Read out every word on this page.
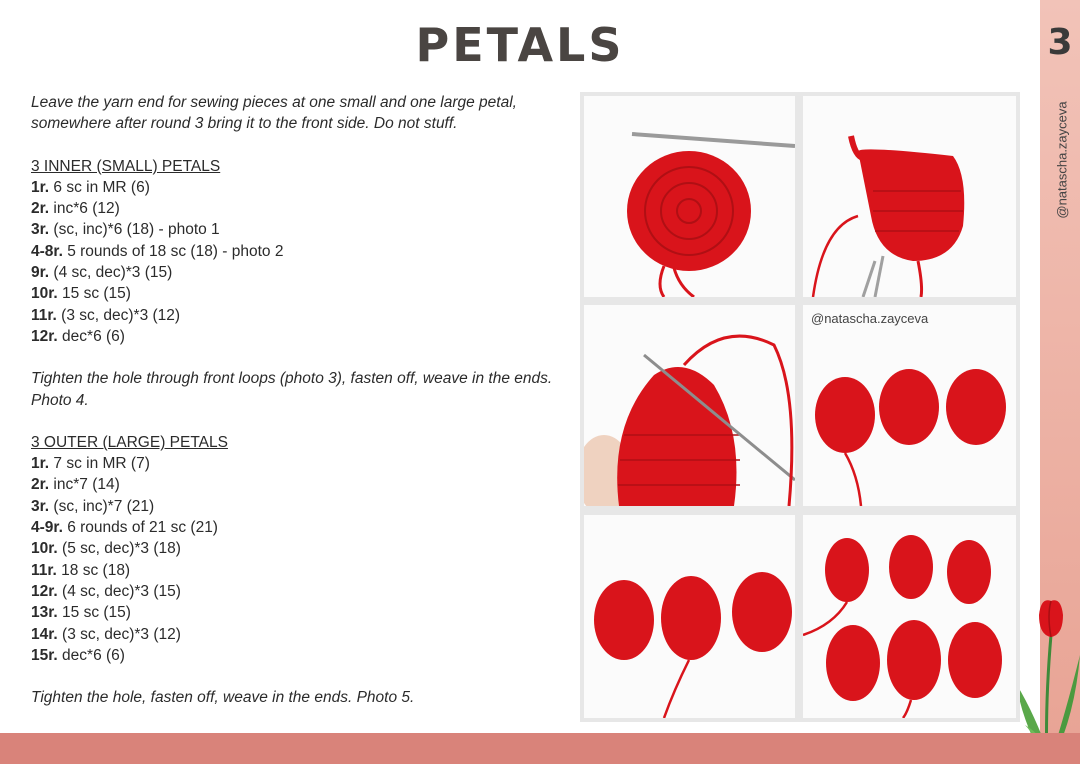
PETALS	3
@natascha.zayceva
Leave the yarn end for sewing pieces at one small and one large petal, somewhere after round 3 bring it to the front side. Do not stuff.
3 INNER (SMALL) PETALS
1r. 6 sc in MR (6)
2r. inc*6 (12)
3r. (sc, inc)*6 (18) - photo 1
4-8r. 5 rounds of 18 sc (18) - photo 2
9r. (4 sc, dec)*3 (15)
10r. 15 sc (15)
11r. (3 sc, dec)*3 (12)
12r. dec*6 (6)
Tighten the hole through front loops (photo 3), fasten off, weave in the ends. Photo 4.
3 OUTER (LARGE) PETALS
1r. 7 sc in MR (7)
2r. inc*7 (14)
3r. (sc, inc)*7 (21)
4-9r. 6 rounds of 21 sc (21)
10r. (5 sc, dec)*3 (18)
11r. 18 sc (18)
12r. (4 sc, dec)*3 (15)
13r. 15 sc (15)
14r. (3 sc, dec)*3 (12)
15r. dec*6 (6)
Tighten the hole, fasten off, weave in the ends. Photo 5.
@natascha.zayceva
